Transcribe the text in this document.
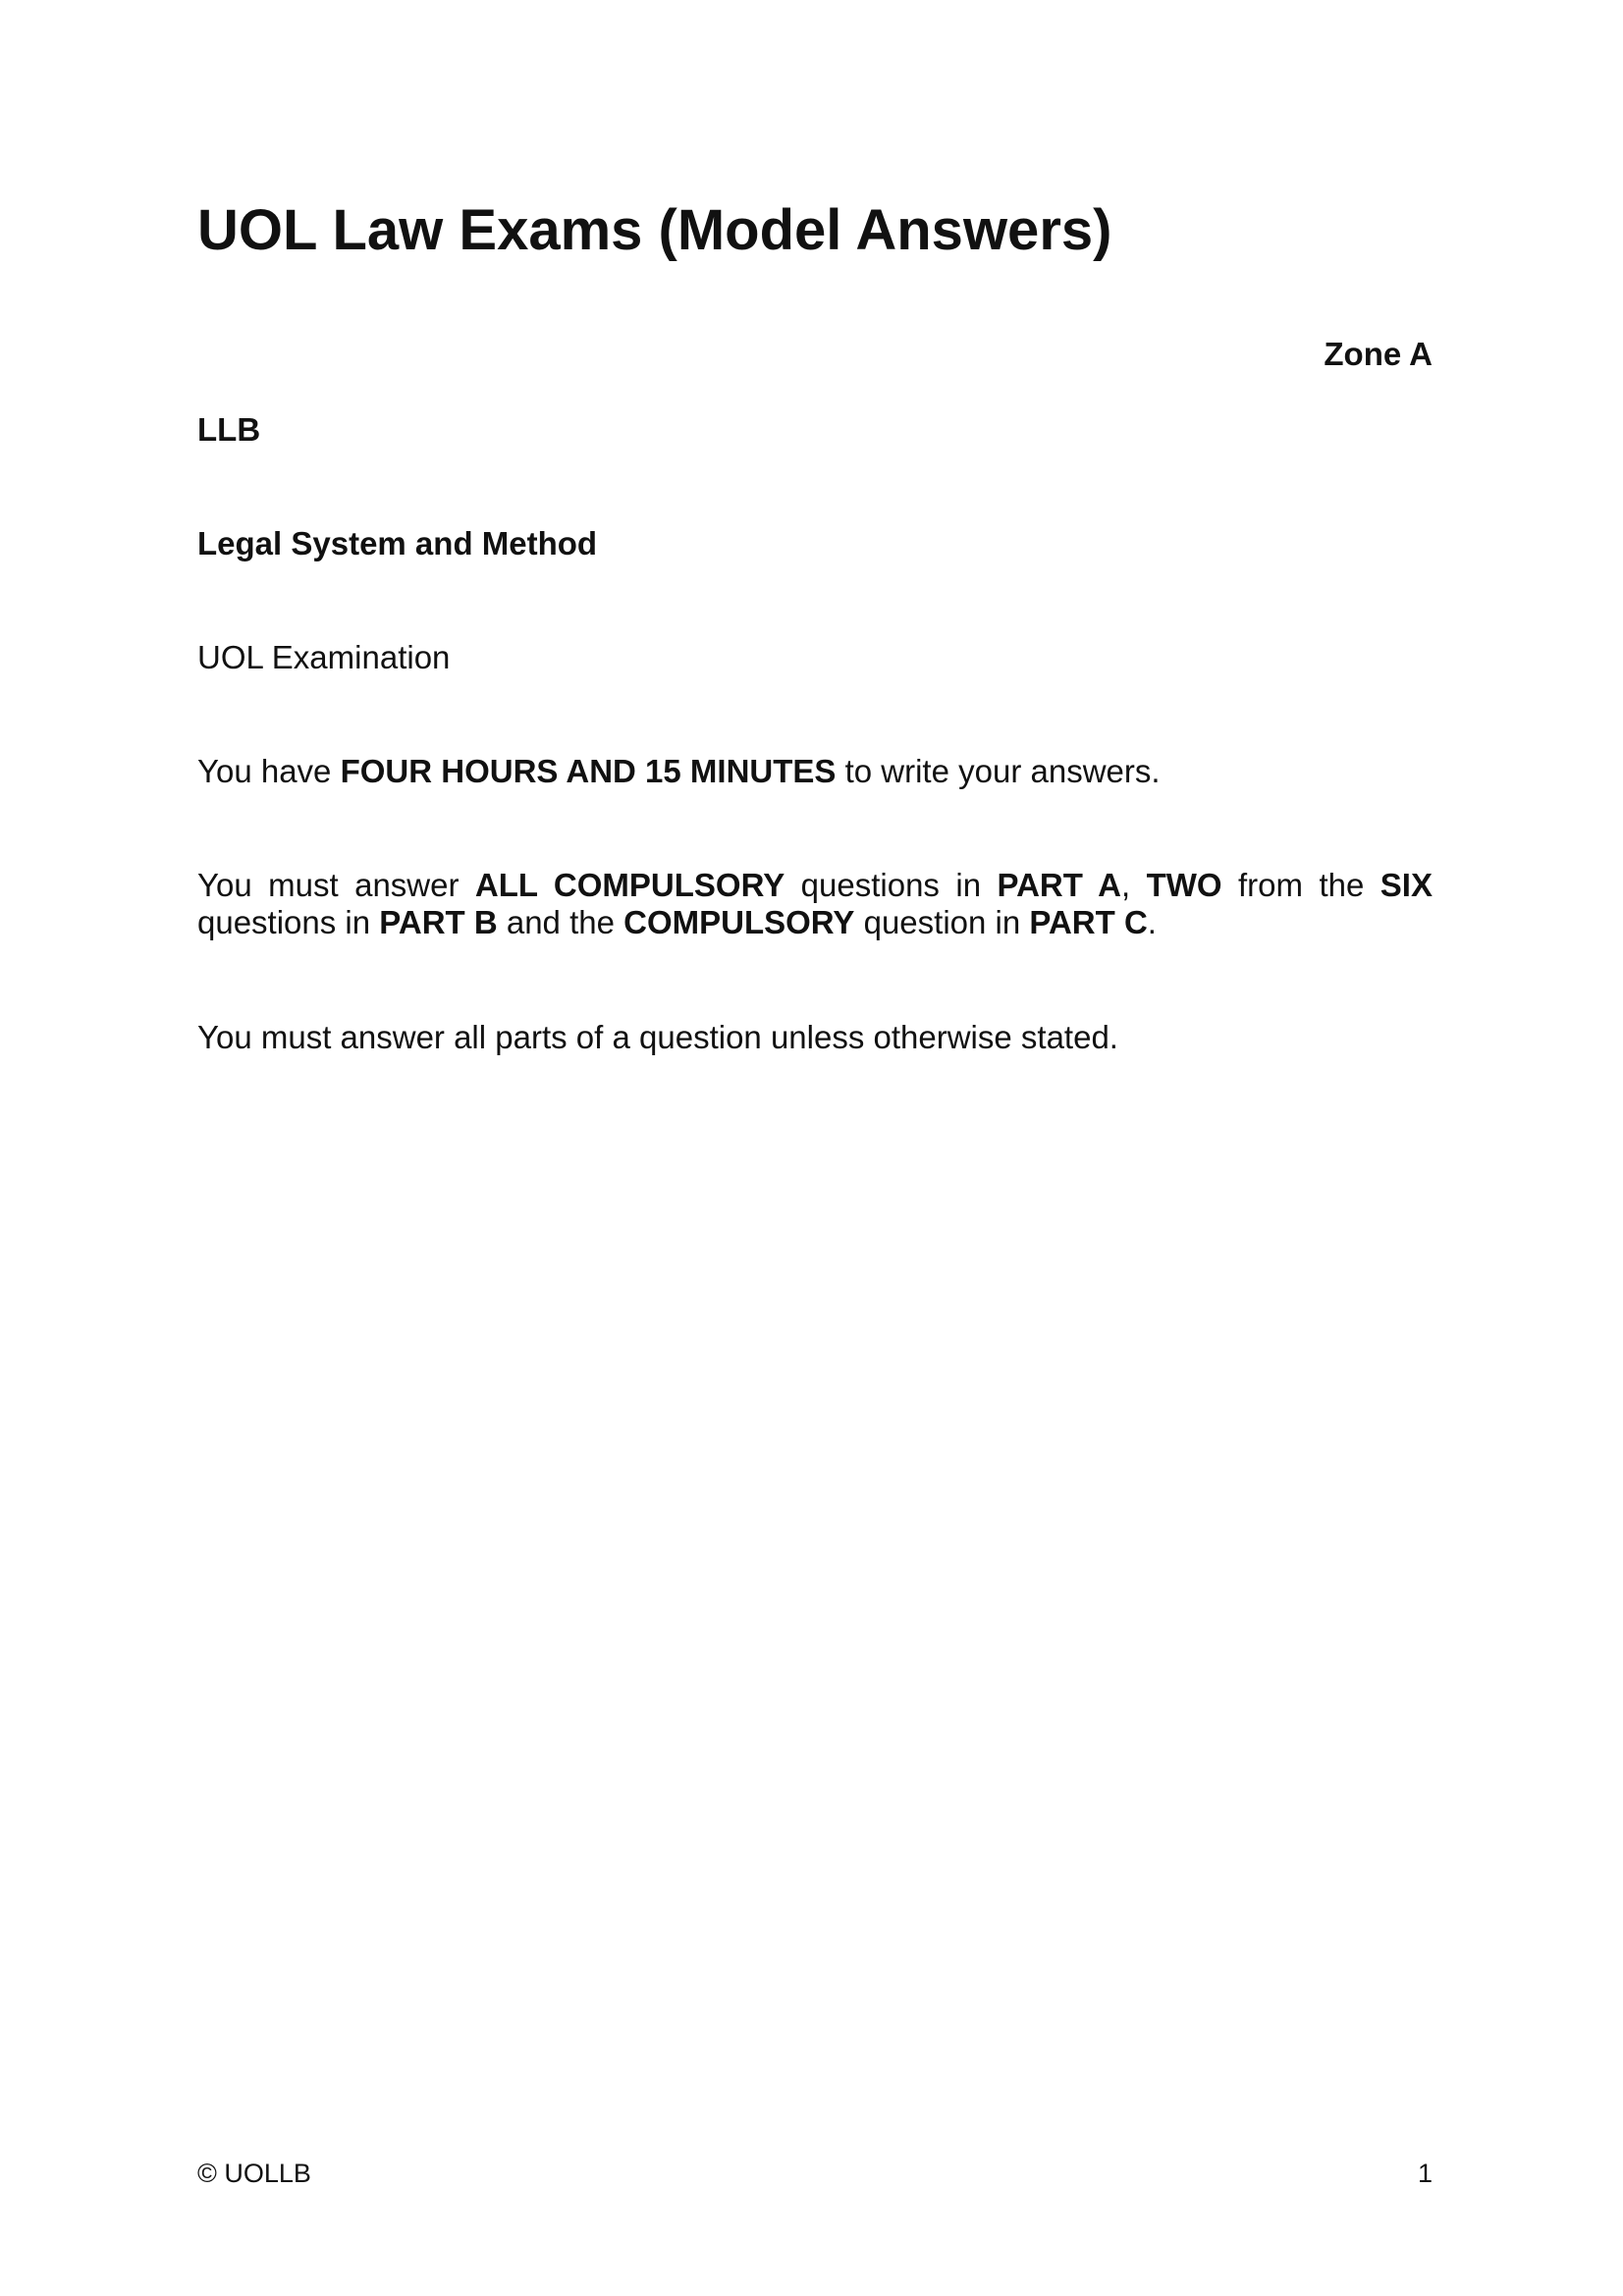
UOL Law Exams (Model Answers)
Zone A
LLB
Legal System and Method
UOL Examination
You have FOUR HOURS AND 15 MINUTES to write your answers.
You must answer ALL COMPULSORY questions in PART A, TWO from the SIX
questions in PART B and the COMPULSORY question in PART C.
You must answer all parts of a question unless otherwise stated.
© UOLLB	1
